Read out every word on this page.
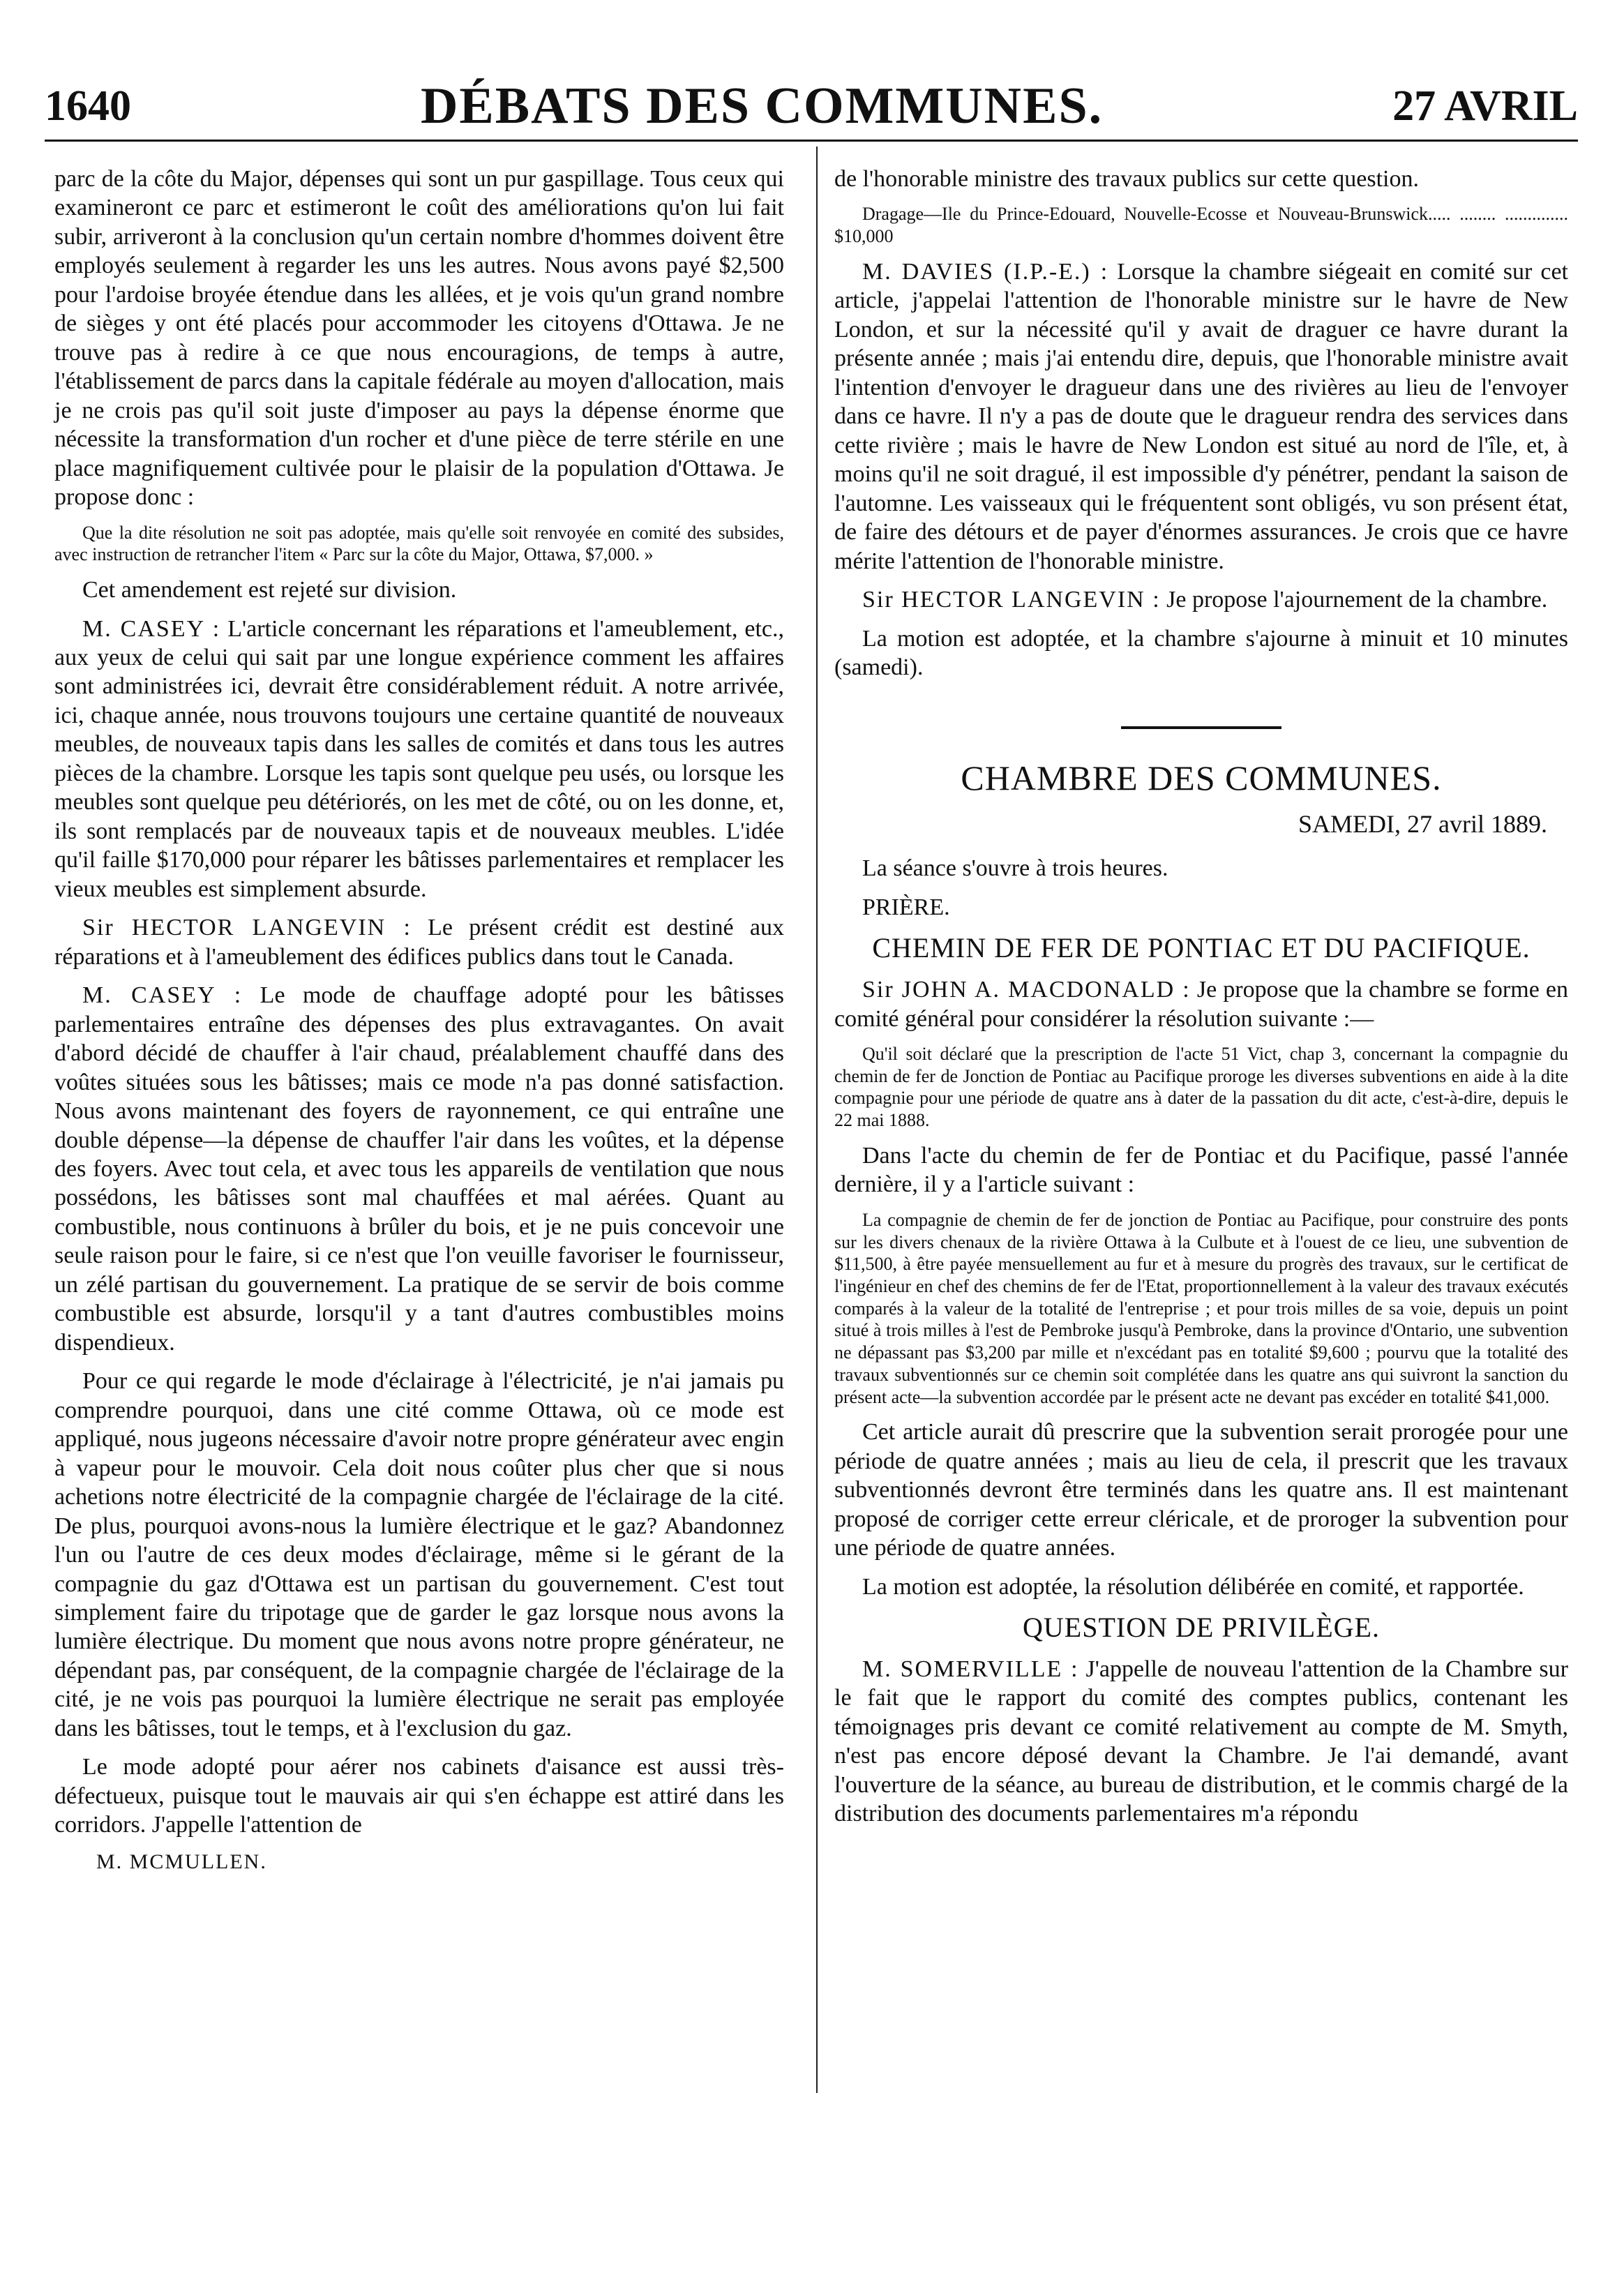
1640	DÉBATS DES COMMUNES.	27 AVRIL

parc de la côte du Major, dépenses qui sont un pur gaspillage. Tous ceux qui examineront ce parc et estimeront le coût des améliorations qu'on lui fait subir, arriveront à la conclusion qu'un certain nombre d'hommes doivent être employés seulement à regarder les uns les autres. Nous avons payé $2,500 pour l'ardoise broyée étendue dans les allées, et je vois qu'un grand nombre de sièges y ont été placés pour accommoder les citoyens d'Ottawa. Je ne trouve pas à redire à ce que nous encouragions, de temps à autre, l'établissement de parcs dans la capitale fédérale au moyen d'allocation, mais je ne crois pas qu'il soit juste d'imposer au pays la dépense énorme que nécessite la transformation d'un rocher et d'une pièce de terre stérile en une place magnifiquement cultivée pour le plaisir de la population d'Ottawa. Je propose donc :

Que la dite résolution ne soit pas adoptée, mais qu'elle soit renvoyée en comité des subsides, avec instruction de retrancher l'item « Parc sur la côte du Major, Ottawa, $7,000. »

Cet amendement est rejeté sur division.

M. CASEY : L'article concernant les réparations et l'ameublement, etc., aux yeux de celui qui sait par une longue expérience comment les affaires sont administrées ici, devrait être considérablement réduit. A notre arrivée, ici, chaque année, nous trouvons toujours une certaine quantité de nouveaux meubles, de nouveaux tapis dans les salles de comités et dans tous les autres pièces de la chambre. Lorsque les tapis sont quelque peu usés, ou lorsque les meubles sont quelque peu détériorés, on les met de côté, ou on les donne, et, ils sont remplacés par de nouveaux tapis et de nouveaux meubles. L'idée qu'il faille $170,000 pour réparer les bâtisses parlementaires et remplacer les vieux meubles est simplement absurde.

Sir HECTOR LANGEVIN : Le présent crédit est destiné aux réparations et à l'ameublement des édifices publics dans tout le Canada.

M. CASEY : Le mode de chauffage adopté pour les bâtisses parlementaires entraîne des dépenses des plus extravagantes. On avait d'abord décidé de chauffer à l'air chaud, préalablement chauffé dans des voûtes situées sous les bâtisses; mais ce mode n'a pas donné satisfaction. Nous avons maintenant des foyers de rayonnement, ce qui entraîne une double dépense—la dépense de chauffer l'air dans les voûtes, et la dépense des foyers. Avec tout cela, et avec tous les appareils de ventilation que nous possédons, les bâtisses sont mal chauffées et mal aérées. Quant au combustible, nous continuons à brûler du bois, et je ne puis concevoir une seule raison pour le faire, si ce n'est que l'on veuille favoriser le fournisseur, un zélé partisan du gouvernement. La pratique de se servir de bois comme combustible est absurde, lorsqu'il y a tant d'autres combustibles moins dispendieux.

Pour ce qui regarde le mode d'éclairage à l'électricité, je n'ai jamais pu comprendre pourquoi, dans une cité comme Ottawa, où ce mode est appliqué, nous jugeons nécessaire d'avoir notre propre générateur avec engin à vapeur pour le mouvoir. Cela doit nous coûter plus cher que si nous achetions notre électricité de la compagnie chargée de l'éclairage de la cité. De plus, pourquoi avons-nous la lumière électrique et le gaz? Abandonnez l'un ou l'autre de ces deux modes d'éclairage, même si le gérant de la compagnie du gaz d'Ottawa est un partisan du gouvernement. C'est tout simplement faire du tripotage que de garder le gaz lorsque nous avons la lumière électrique. Du moment que nous avons notre propre générateur, ne dépendant pas, par conséquent, de la compagnie chargée de l'éclairage de la cité, je ne vois pas pourquoi la lumière électrique ne serait pas employée dans les bâtisses, tout le temps, et à l'exclusion du gaz.

Le mode adopté pour aérer nos cabinets d'aisance est aussi très-défectueux, puisque tout le mauvais air qui s'en échappe est attiré dans les corridors. J'appelle l'attention de

M. MCMULLEN.

de l'honorable ministre des travaux publics sur cette question.

Dragage—Ile du Prince-Edouard, Nouvelle-Ecosse et Nouveau-Brunswick..... ........ .............. $10,000

M. DAVIES (I.P.-E.) : Lorsque la chambre siégeait en comité sur cet article, j'appelai l'attention de l'honorable ministre sur le havre de New London, et sur la nécessité qu'il y avait de draguer ce havre durant la présente année ; mais j'ai entendu dire, depuis, que l'honorable ministre avait l'intention d'envoyer le dragueur dans une des rivières au lieu de l'envoyer dans ce havre. Il n'y a pas de doute que le dragueur rendra des services dans cette rivière ; mais le havre de New London est situé au nord de l'île, et, à moins qu'il ne soit dragué, il est impossible d'y pénétrer, pendant la saison de l'automne. Les vaisseaux qui le fréquentent sont obligés, vu son présent état, de faire des détours et de payer d'énormes assurances. Je crois que ce havre mérite l'attention de l'honorable ministre.

Sir HECTOR LANGEVIN : Je propose l'ajournement de la chambre.

La motion est adoptée, et la chambre s'ajourne à minuit et 10 minutes (samedi).

CHAMBRE DES COMMUNES.
SAMEDI, 27 avril 1889.

La séance s'ouvre à trois heures.

PRIÈRE.

CHEMIN DE FER DE PONTIAC ET DU PACIFIQUE.

Sir JOHN A. MACDONALD : Je propose que la chambre se forme en comité général pour considérer la résolution suivante :—

Qu'il soit déclaré que la prescription de l'acte 51 Vict, chap 3, concernant la compagnie du chemin de fer de Jonction de Pontiac au Pacifique proroge les diverses subventions en aide à la dite compagnie pour une période de quatre ans à dater de la passation du dit acte, c'est-à-dire, depuis le 22 mai 1888.

Dans l'acte du chemin de fer de Pontiac et du Pacifique, passé l'année dernière, il y a l'article suivant :

La compagnie de chemin de fer de jonction de Pontiac au Pacifique, pour construire des ponts sur les divers chenaux de la rivière Ottawa à la Culbute et à l'ouest de ce lieu, une subvention de $11,500, à être payée mensuellement au fur et à mesure du progrès des travaux, sur le certificat de l'ingénieur en chef des chemins de fer de l'Etat, proportionnellement à la valeur des travaux exécutés comparés à la valeur de la totalité de l'entreprise ; et pour trois milles de sa voie, depuis un point situé à trois milles à l'est de Pembroke jusqu'à Pembroke, dans la province d'Ontario, une subvention ne dépassant pas $3,200 par mille et n'excédant pas en totalité $9,600 ; pourvu que la totalité des travaux subventionnés sur ce chemin soit complétée dans les quatre ans qui suivront la sanction du présent acte—la subvention accordée par le présent acte ne devant pas excéder en totalité $41,000.

Cet article aurait dû prescrire que la subvention serait prorogée pour une période de quatre années ; mais au lieu de cela, il prescrit que les travaux subventionnés devront être terminés dans les quatre ans. Il est maintenant proposé de corriger cette erreur cléricale, et de proroger la subvention pour une période de quatre années.

La motion est adoptée, la résolution délibérée en comité, et rapportée.

QUESTION DE PRIVILÈGE.

M. SOMERVILLE : J'appelle de nouveau l'attention de la Chambre sur le fait que le rapport du comité des comptes publics, contenant les témoignages pris devant ce comité relativement au compte de M. Smyth, n'est pas encore déposé devant la Chambre. Je l'ai demandé, avant l'ouverture de la séance, au bureau de distribution, et le commis chargé de la distribution des documents parlementaires m'a répondu
